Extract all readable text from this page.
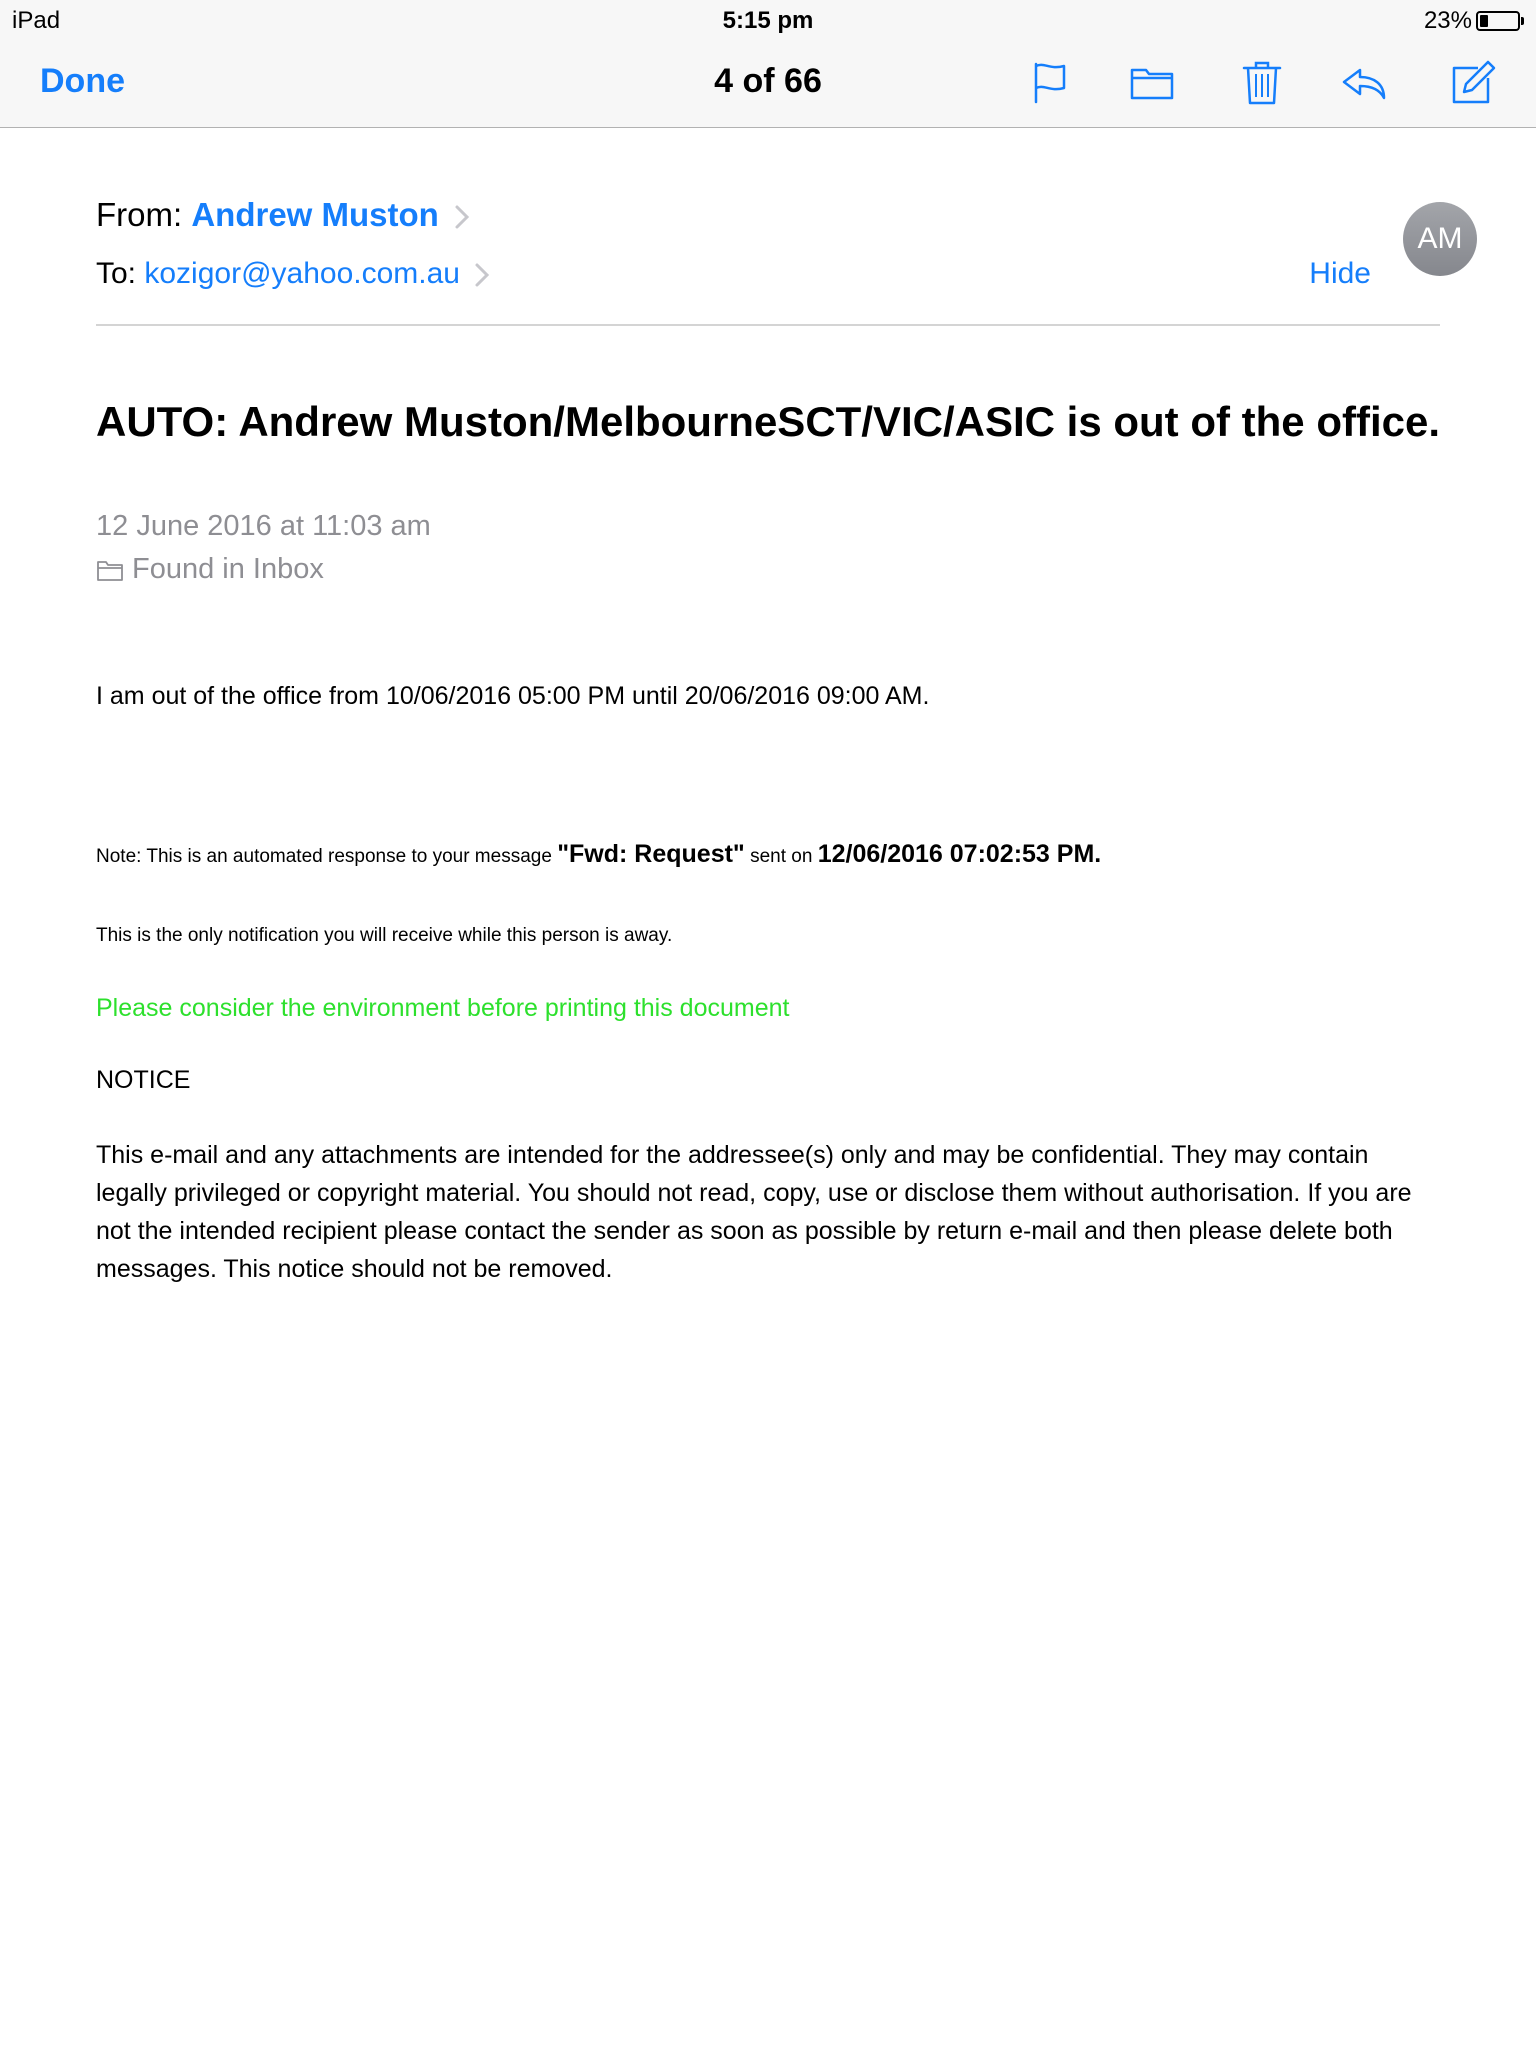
iPad	5:15 pm	23%
Done	4 of 66
From: Andrew Muston
To: kozigor@yahoo.com.au	Hide
AM
AUTO: Andrew Muston/MelbourneSCT/VIC/ASIC is out of the office.
12 June 2016 at 11:03 am
Found in Inbox
I am out of the office from 10/06/2016 05:00 PM until 20/06/2016 09:00 AM.
Note: This is an automated response to your message "Fwd: Request" sent on 12/06/2016 07:02:53 PM.
This is the only notification you will receive while this person is away.
Please consider the environment before printing this document
NOTICE
This e-mail and any attachments are intended for the addressee(s) only and may be confidential. They may contain legally privileged or copyright material. You should not read, copy, use or disclose them without authorisation. If you are not the intended recipient please contact the sender as soon as possible by return e-mail and then please delete both messages. This notice should not be removed.
